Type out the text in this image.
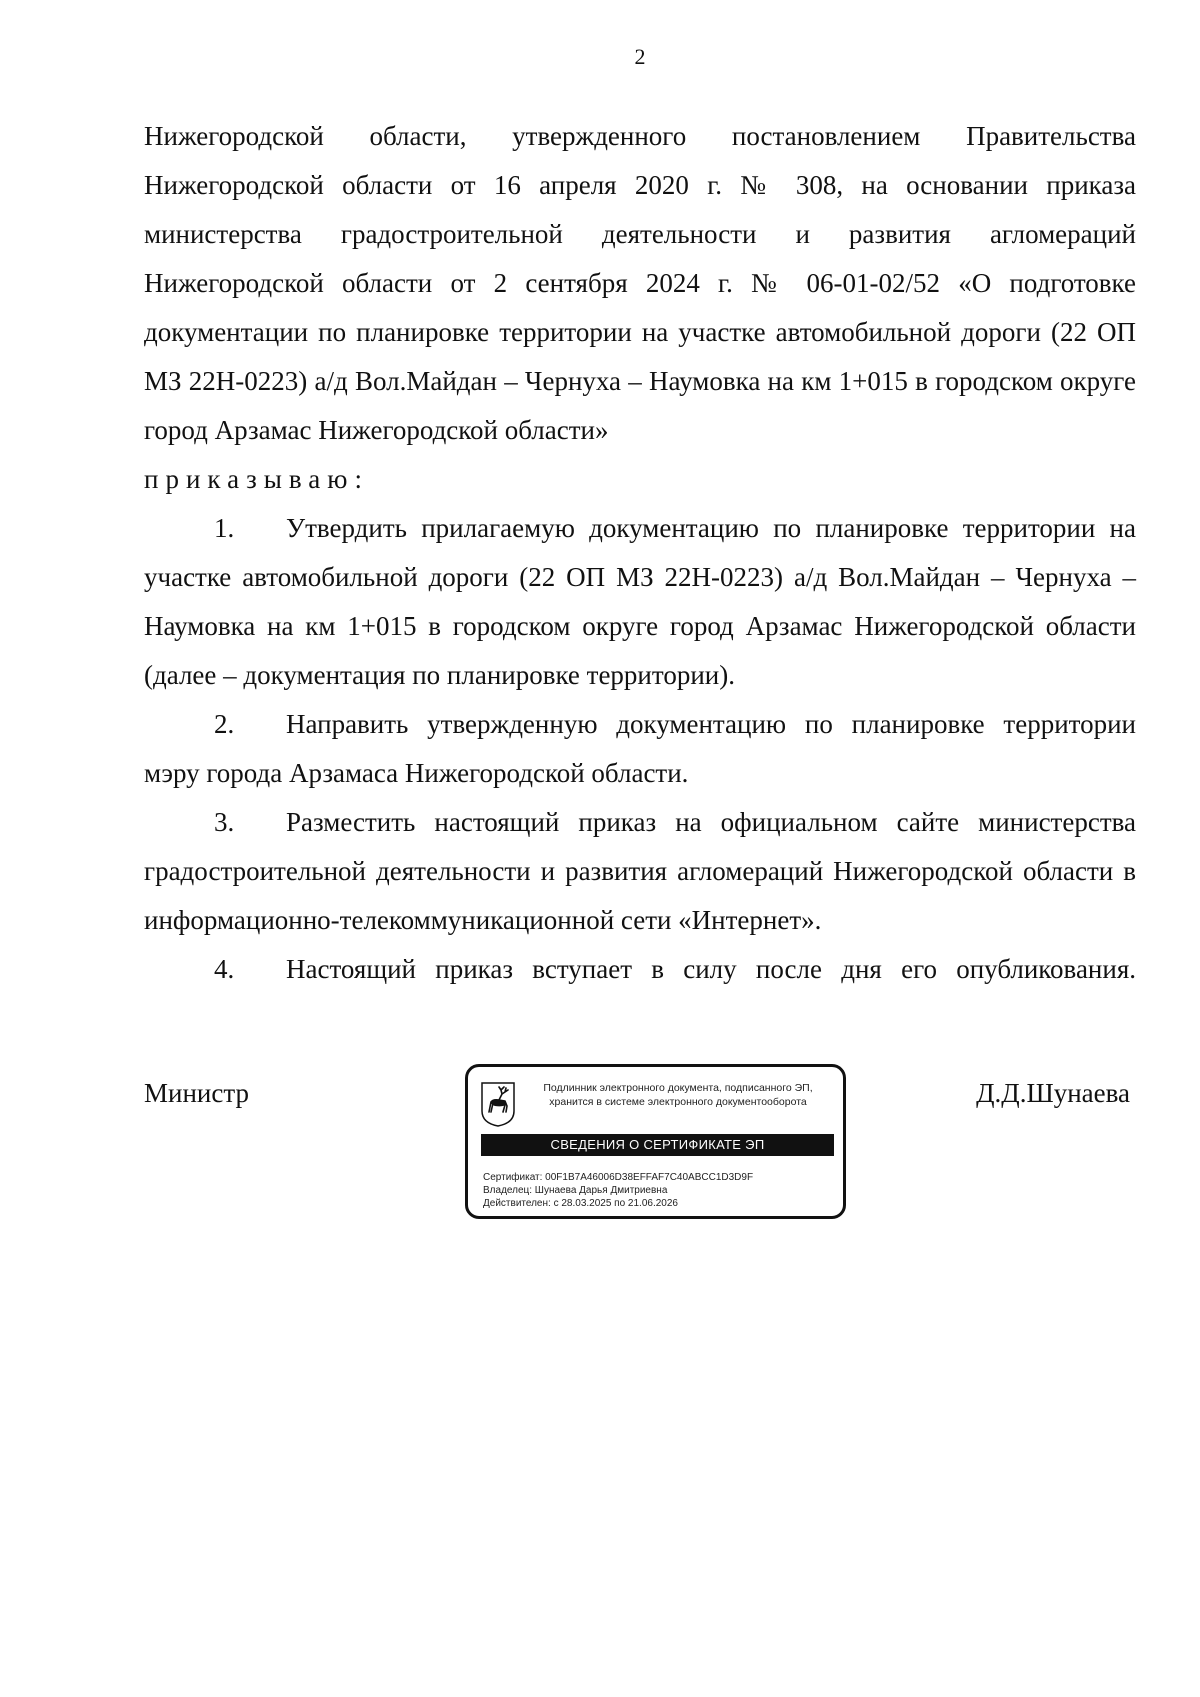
2

Нижегородской области, утвержденного постановлением Правительства Нижегородской области от 16 апреля 2020 г. № 308, на основании приказа министерства градостроительной деятельности и развития агломераций Нижегородской области от 2 сентября 2024 г. № 06-01-02/52 «О подготовке документации по планировке территории на участке автомобильной дороги (22 ОП МЗ 22Н-0223) а/д Вол.Майдан – Чернуха – Наумовка на км 1+015 в городском округе город Арзамас Нижегородской области»

приказываю:

1. Утвердить прилагаемую документацию по планировке территории на участке автомобильной дороги (22 ОП МЗ 22Н-0223) а/д Вол.Майдан – Чернуха – Наумовка на км 1+015 в городском округе город Арзамас Нижегородской области (далее – документация по планировке территории).

2. Направить утвержденную документацию по планировке территории мэру города Арзамаса Нижегородской области.

3. Разместить настоящий приказ на официальном сайте министерства градостроительной деятельности и развития агломераций Нижегородской области в информационно-телекоммуникационной сети «Интернет».

4. Настоящий приказ вступает в силу после дня его опубликования.

Министр	Подлинник электронного документа, подписанного ЭП,
хранится в системе электронного документооборота
СВЕДЕНИЯ О СЕРТИФИКАТЕ ЭП
Сертификат: 00F1B7A46006D38EFFAF7C40ABCC1D3D9F
Владелец: Шунаева Дарья Дмитриевна
Действителен: с 28.03.2025 по 21.06.2026
Д.Д.Шунаева
